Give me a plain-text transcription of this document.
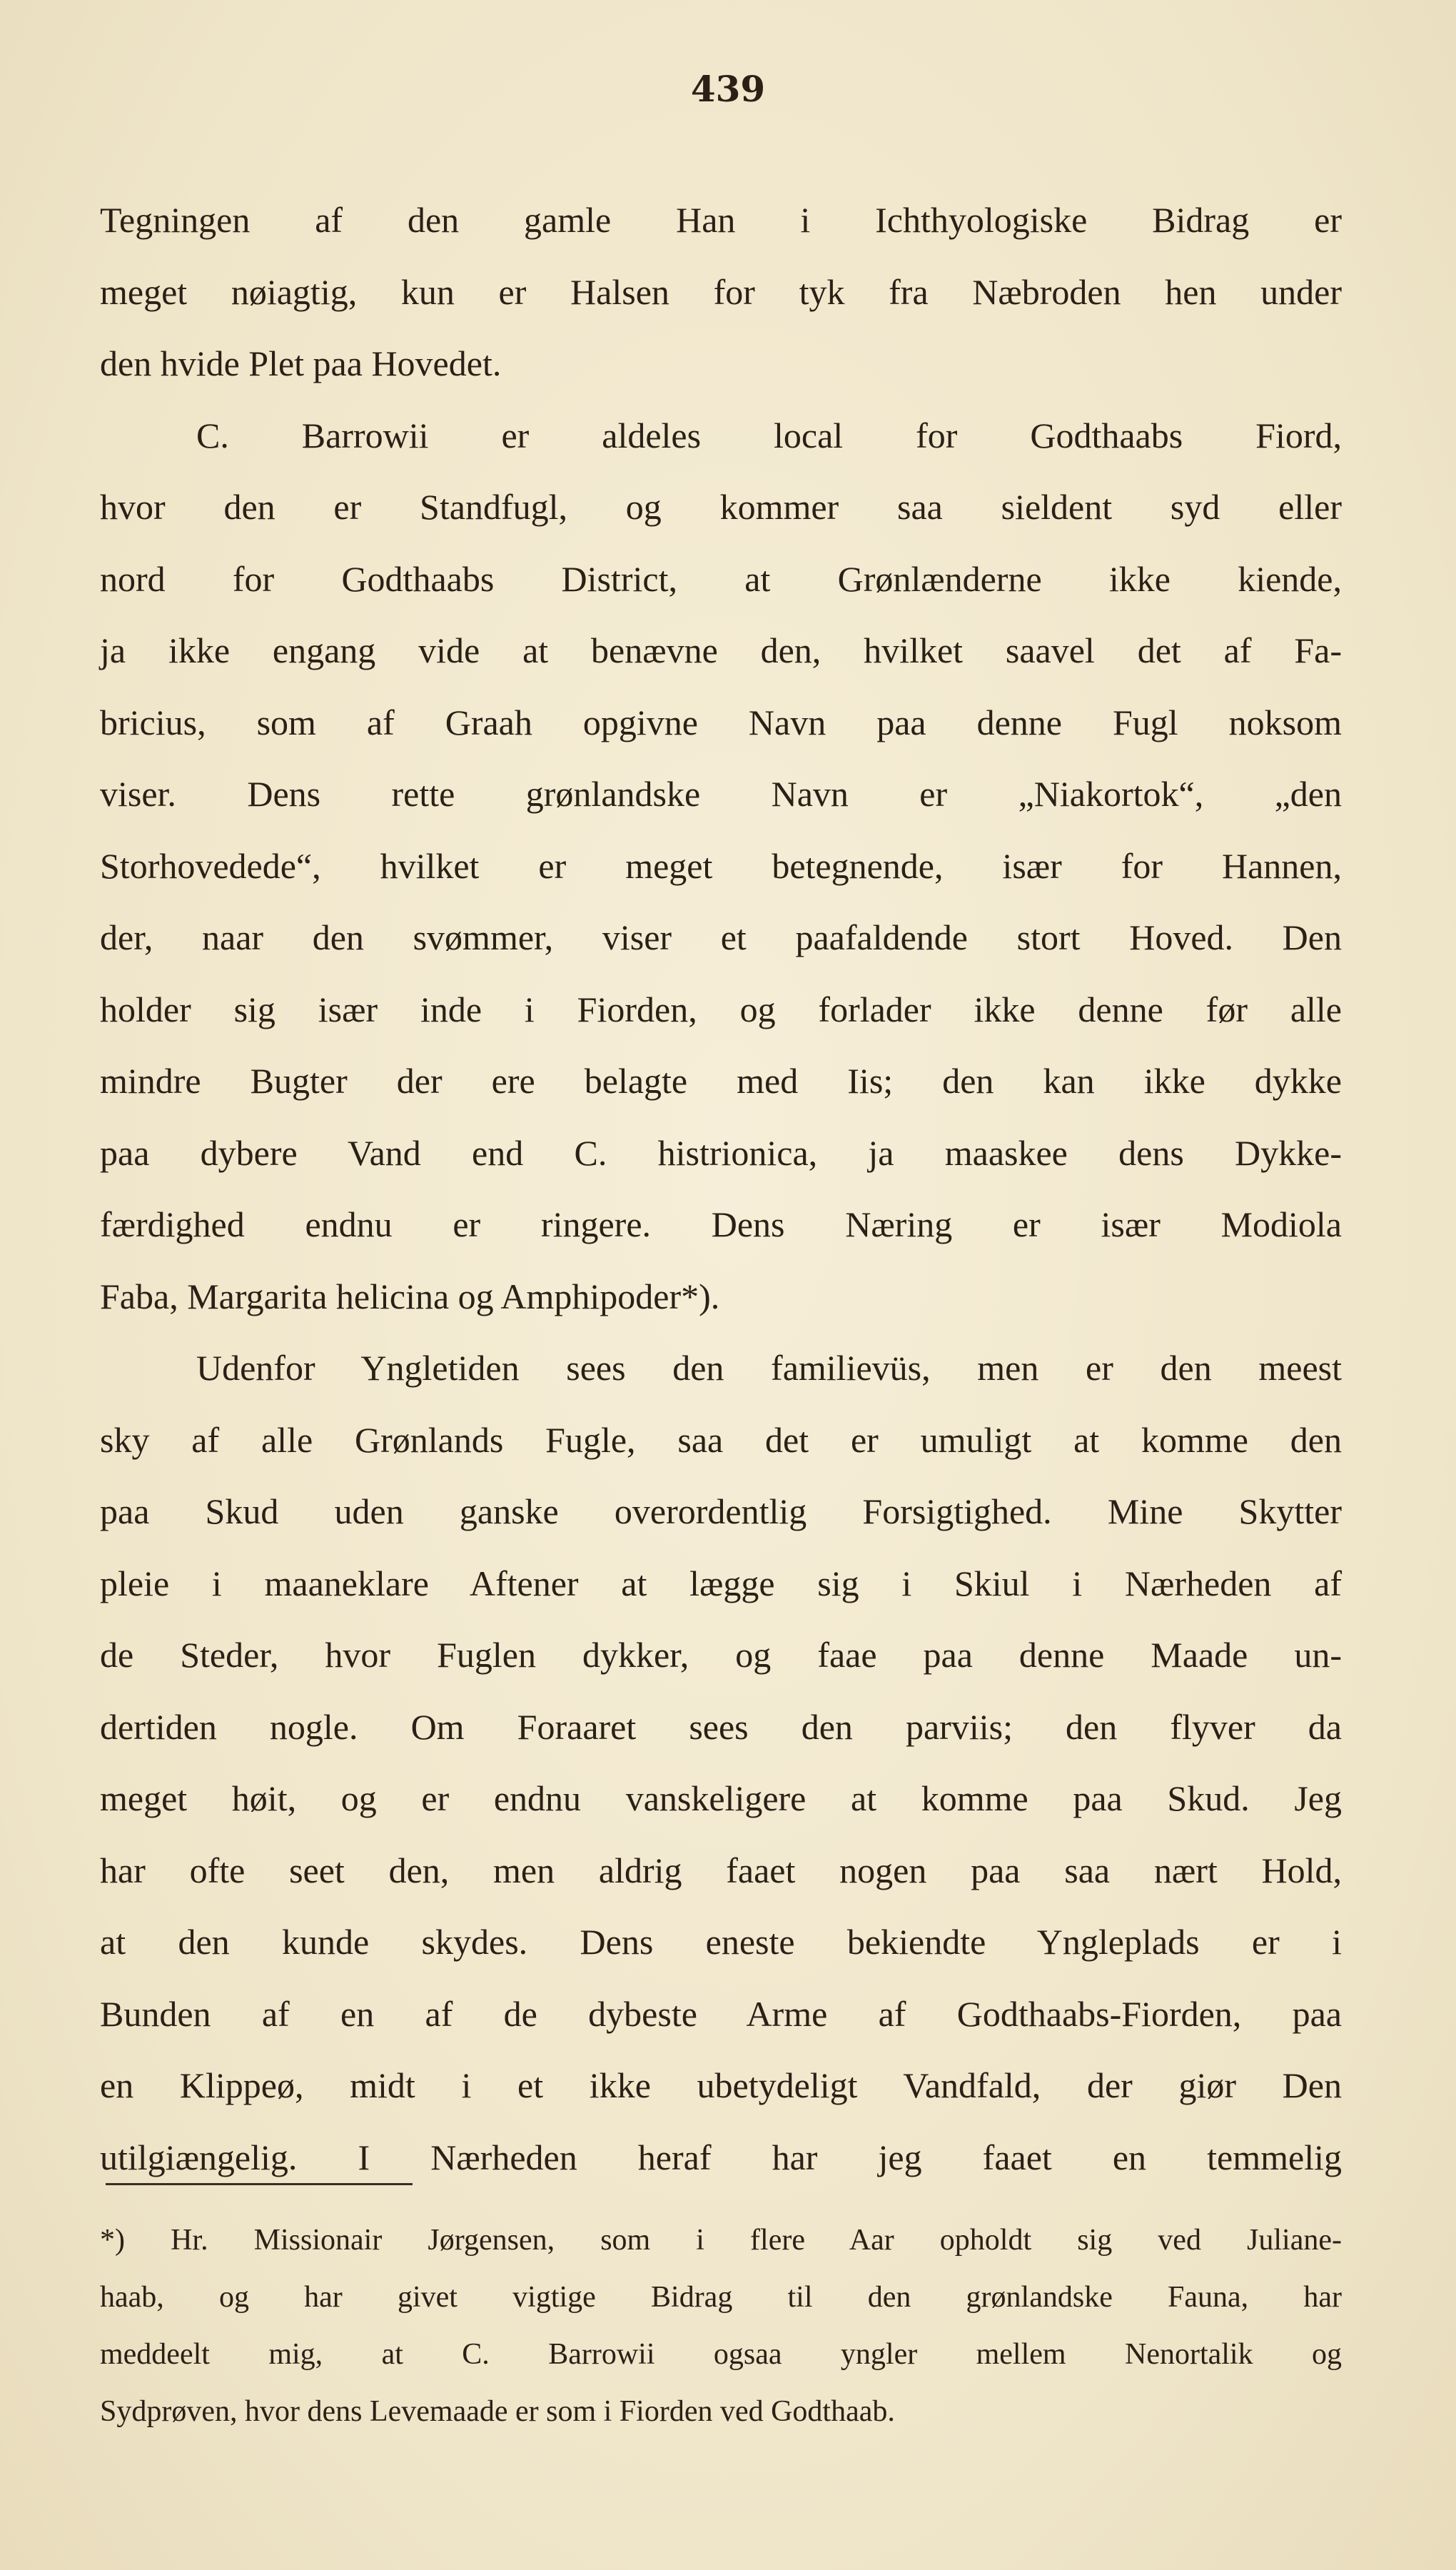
439
Tegningen af den gamle Han i Ichthyologiske Bidrag er
meget nøiagtig, kun er Halsen for tyk fra Næbroden hen under
den hvide Plet paa Hovedet.
C. Barrowii er aldeles local for Godthaabs Fiord,
hvor den er Standfugl, og kommer saa sieldent syd eller
nord for Godthaabs District, at Grønlænderne ikke kiende,
ja ikke engang vide at benævne den, hvilket saavel det af Fa-
bricius, som af Graah opgivne Navn paa denne Fugl noksom
viser. Dens rette grønlandske Navn er „Niakortok“, „den
Storhovedede“, hvilket er meget betegnende, især for Hannen,
der, naar den svømmer, viser et paafaldende stort Hoved. Den
holder sig især inde i Fiorden, og forlader ikke denne før alle
mindre Bugter der ere belagte med Iis; den kan ikke dykke
paa dybere Vand end C. histrionica, ja maaskee dens Dykke-
færdighed endnu er ringere. Dens Næring er især Modiola
Faba, Margarita helicina og Amphipoder*).
Udenfor Yngletiden sees den familievüs, men er den meest
sky af alle Grønlands Fugle, saa det er umuligt at komme den
paa Skud uden ganske overordentlig Forsigtighed. Mine Skytter
pleie i maaneklare Aftener at lægge sig i Skiul i Nærheden af
de Steder, hvor Fuglen dykker, og faae paa denne Maade un-
dertiden nogle. Om Foraaret sees den parviis; den flyver da
meget høit, og er endnu vanskeligere at komme paa Skud. Jeg
har ofte seet den, men aldrig faaet nogen paa saa nært Hold,
at den kunde skydes. Dens eneste bekiendte Yngleplads er i
Bunden af en af de dybeste Arme af Godthaabs-Fiorden, paa
en Klippeø, midt i et ikke ubetydeligt Vandfald, der giør Den
utilgiængelig. I Nærheden heraf har jeg faaet en temmelig
*) Hr. Missionair Jørgensen, som i flere Aar opholdt sig ved Juliane-
haab, og har givet vigtige Bidrag til den grønlandske Fauna, har
meddeelt mig, at C. Barrowii ogsaa yngler mellem Nenortalik og
Sydprøven, hvor dens Levemaade er som i Fiorden ved Godthaab.
